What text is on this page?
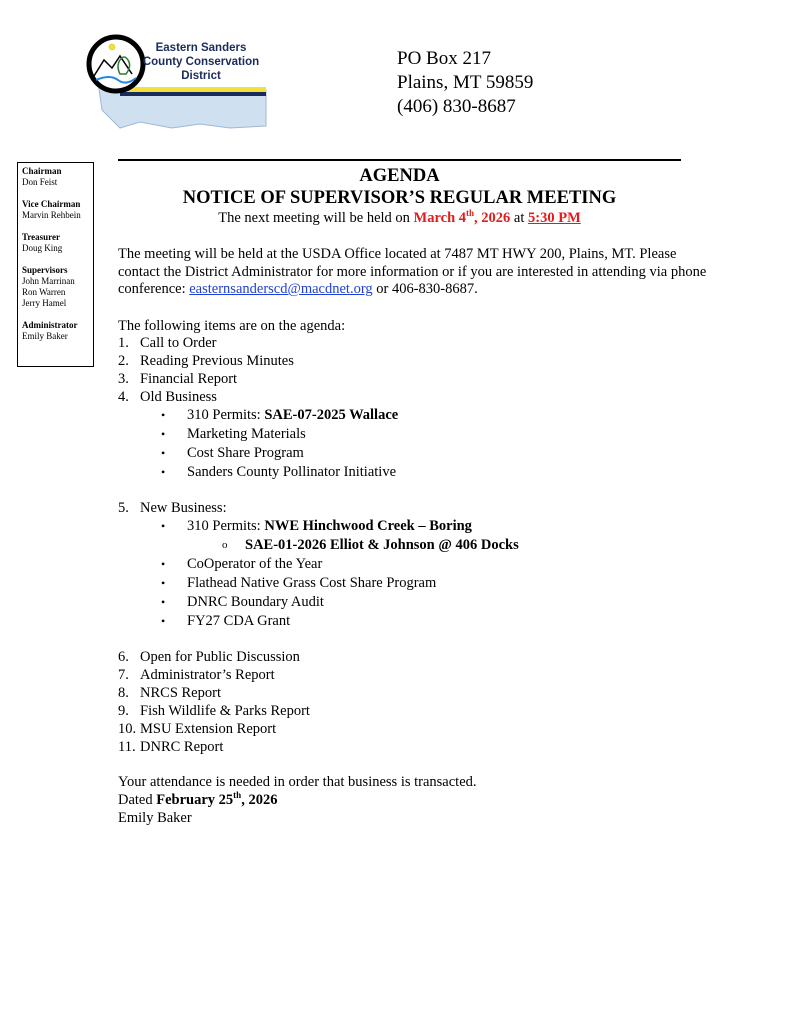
Eastern Sanders
County Conservation
District
PO Box 217
Plains, MT 59859
(406) 830-8687
Chairman
Don Feist
Vice Chairman
Marvin Rehbein
Treasurer
Doug King
Supervisors
John Marrinan
Ron Warren
Jerry Hamel
Administrator
Emily Baker
AGENDA
NOTICE OF SUPERVISOR’S REGULAR MEETING
The next meeting will be held on March 4th, 2026 at 5:30 PM
The meeting will be held at the USDA Office located at 7487 MT HWY 200, Plains, MT. Please contact the District Administrator for more information or if you are interested in attending via phone conference: easternsanderscd@macdnet.org or 406-830-8687.
The following items are on the agenda:
1. Call to Order
2. Reading Previous Minutes
3. Financial Report
4. Old Business
• 310 Permits: SAE-07-2025 Wallace
• Marketing Materials
• Cost Share Program
• Sanders County Pollinator Initiative
5. New Business:
• 310 Permits: NWE Hinchwood Creek – Boring
o SAE-01-2026 Elliot & Johnson @ 406 Docks
• CoOperator of the Year
• Flathead Native Grass Cost Share Program
• DNRC Boundary Audit
• FY27 CDA Grant
6. Open for Public Discussion
7. Administrator’s Report
8. NRCS Report
9. Fish Wildlife & Parks Report
10. MSU Extension Report
11. DNRC Report
Your attendance is needed in order that business is transacted.
Dated February 25th, 2026
Emily Baker
